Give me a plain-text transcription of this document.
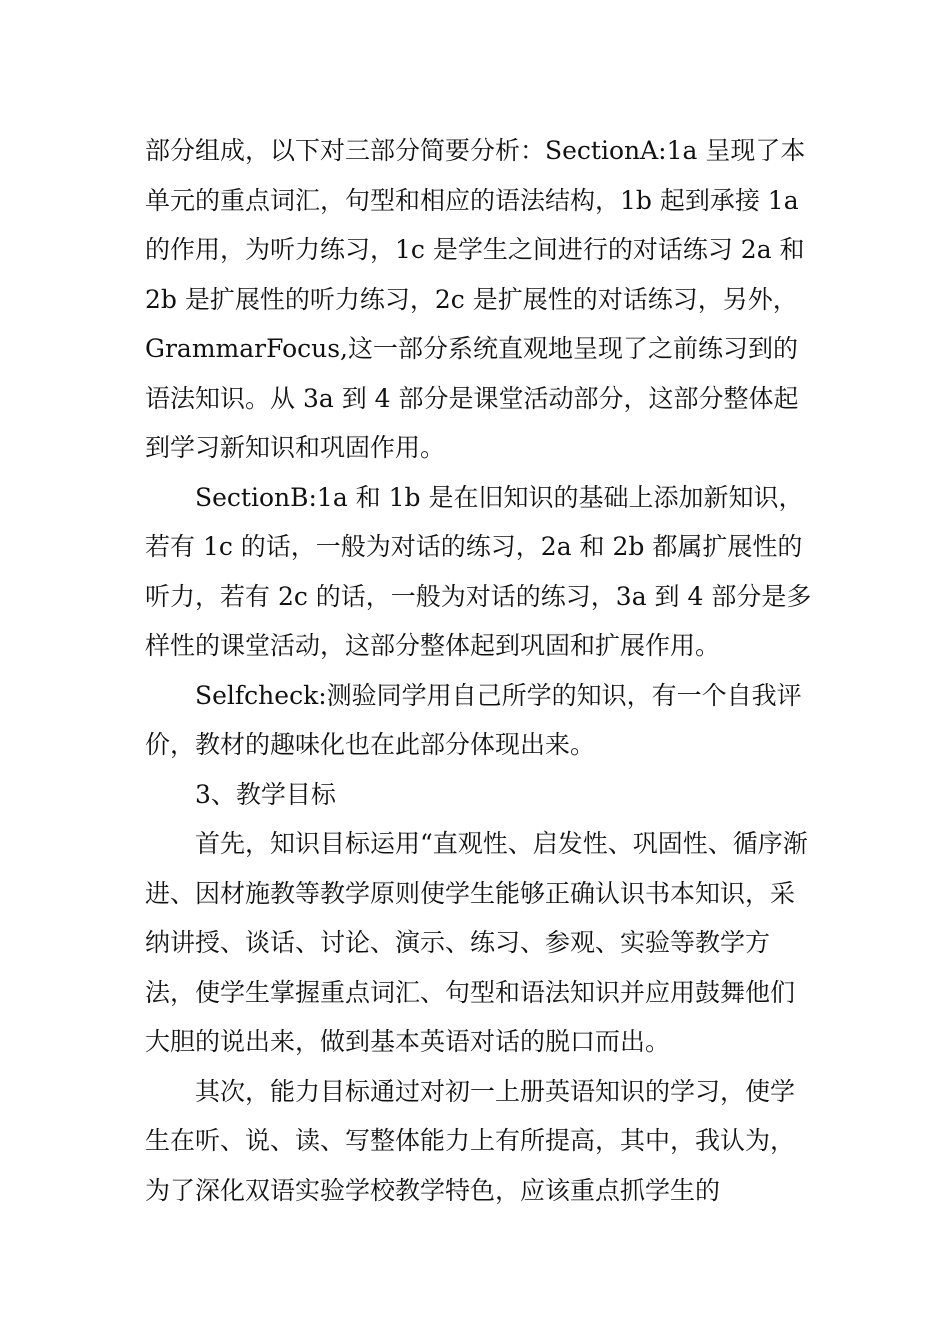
部分组成，以下对三部分简要分析：SectionA:1a 呈现了本单元的重点词汇，句型和相应的语法结构，1b 起到承接 1a 的作用，为听力练习，1c 是学生之间进行的对话练习 2a 和 2b 是扩展性的听力练习，2c 是扩展性的对话练习，另外，GrammarFocus,这一部分系统直观地呈现了之前练习到的语法知识。从 3a 到 4 部分是课堂活动部分，这部分整体起到学习新知识和巩固作用。

SectionB:1a 和 1b 是在旧知识的基础上添加新知识，若有 1c 的话，一般为对话的练习，2a 和 2b 都属扩展性的听力，若有 2c 的话，一般为对话的练习，3a 到 4 部分是多样性的课堂活动，这部分整体起到巩固和扩展作用。

Selfcheck:测验同学用自己所学的知识，有一个自我评价，教材的趣味化也在此部分体现出来。

3、教学目标

首先，知识目标运用“直观性、启发性、巩固性、循序渐进、因材施教等教学原则使学生能够正确认识书本知识，采纳讲授、谈话、讨论、演示、练习、参观、实验等教学方法，使学生掌握重点词汇、句型和语法知识并应用鼓舞他们大胆的说出来，做到基本英语对话的脱口而出。

其次，能力目标通过对初一上册英语知识的学习，使学生在听、说、读、写整体能力上有所提高，其中，我认为，为了深化双语实验学校教学特色，应该重点抓学生的
